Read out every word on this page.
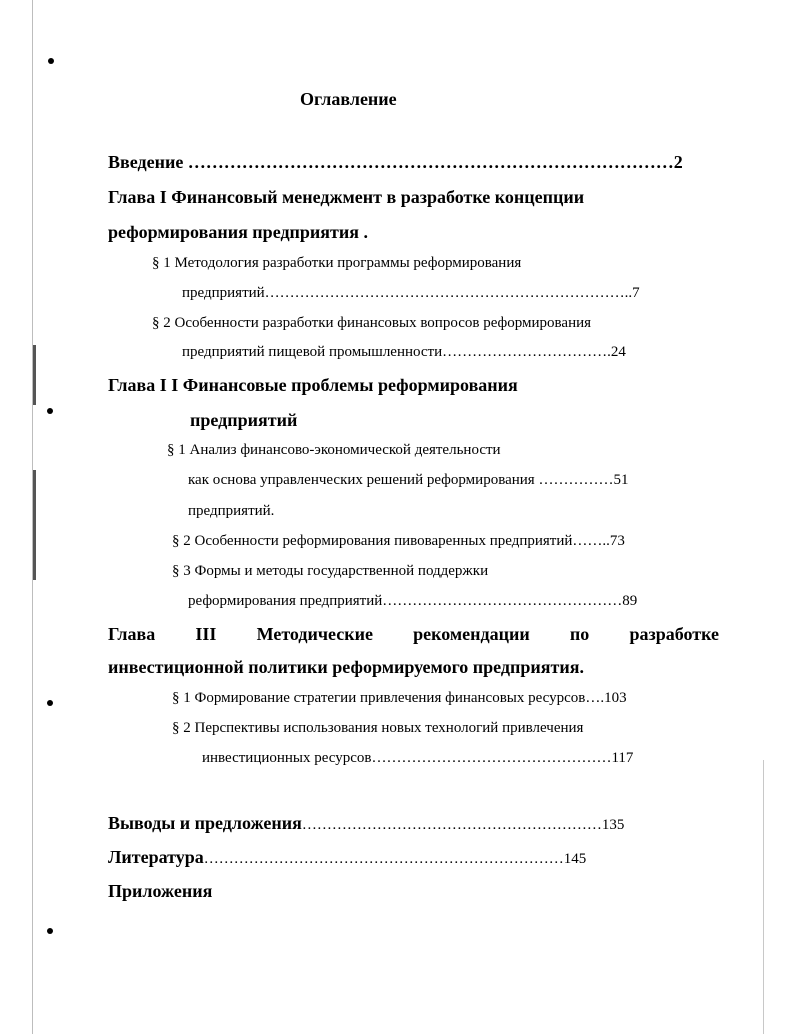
Оглавление
Введение ………………………………………………………………………2
Глава I Финансовый менеджмент в разработке концепции
реформирования предприятия .
§ 1 Методология разработки программы реформирования
предприятий………………………………………………………………..7
§ 2 Особенности разработки финансовых вопросов реформирования
предприятий пищевой промышленности…………………………….24
Глава I I Финансовые проблемы реформирования
предприятий
§ 1 Анализ финансово-экономической деятельности
как основа управленческих решений реформирования ……………51
предприятий.
§ 2 Особенности реформирования пивоваренных предприятий……..73
§ 3 Формы и методы государственной поддержки
реформирования предприятий…………………………………………89
Глава III Методические рекомендации по разработке
инвестиционной политики реформируемого предприятия.
§ 1 Формирование стратегии привлечения финансовых ресурсов….103
§ 2 Перспективы использования новых технологий привлечения
инвестиционных ресурсов…………………………………………117
Выводы и предложения……………………………………………………135
Литература………………………………………………………………145
Приложения
